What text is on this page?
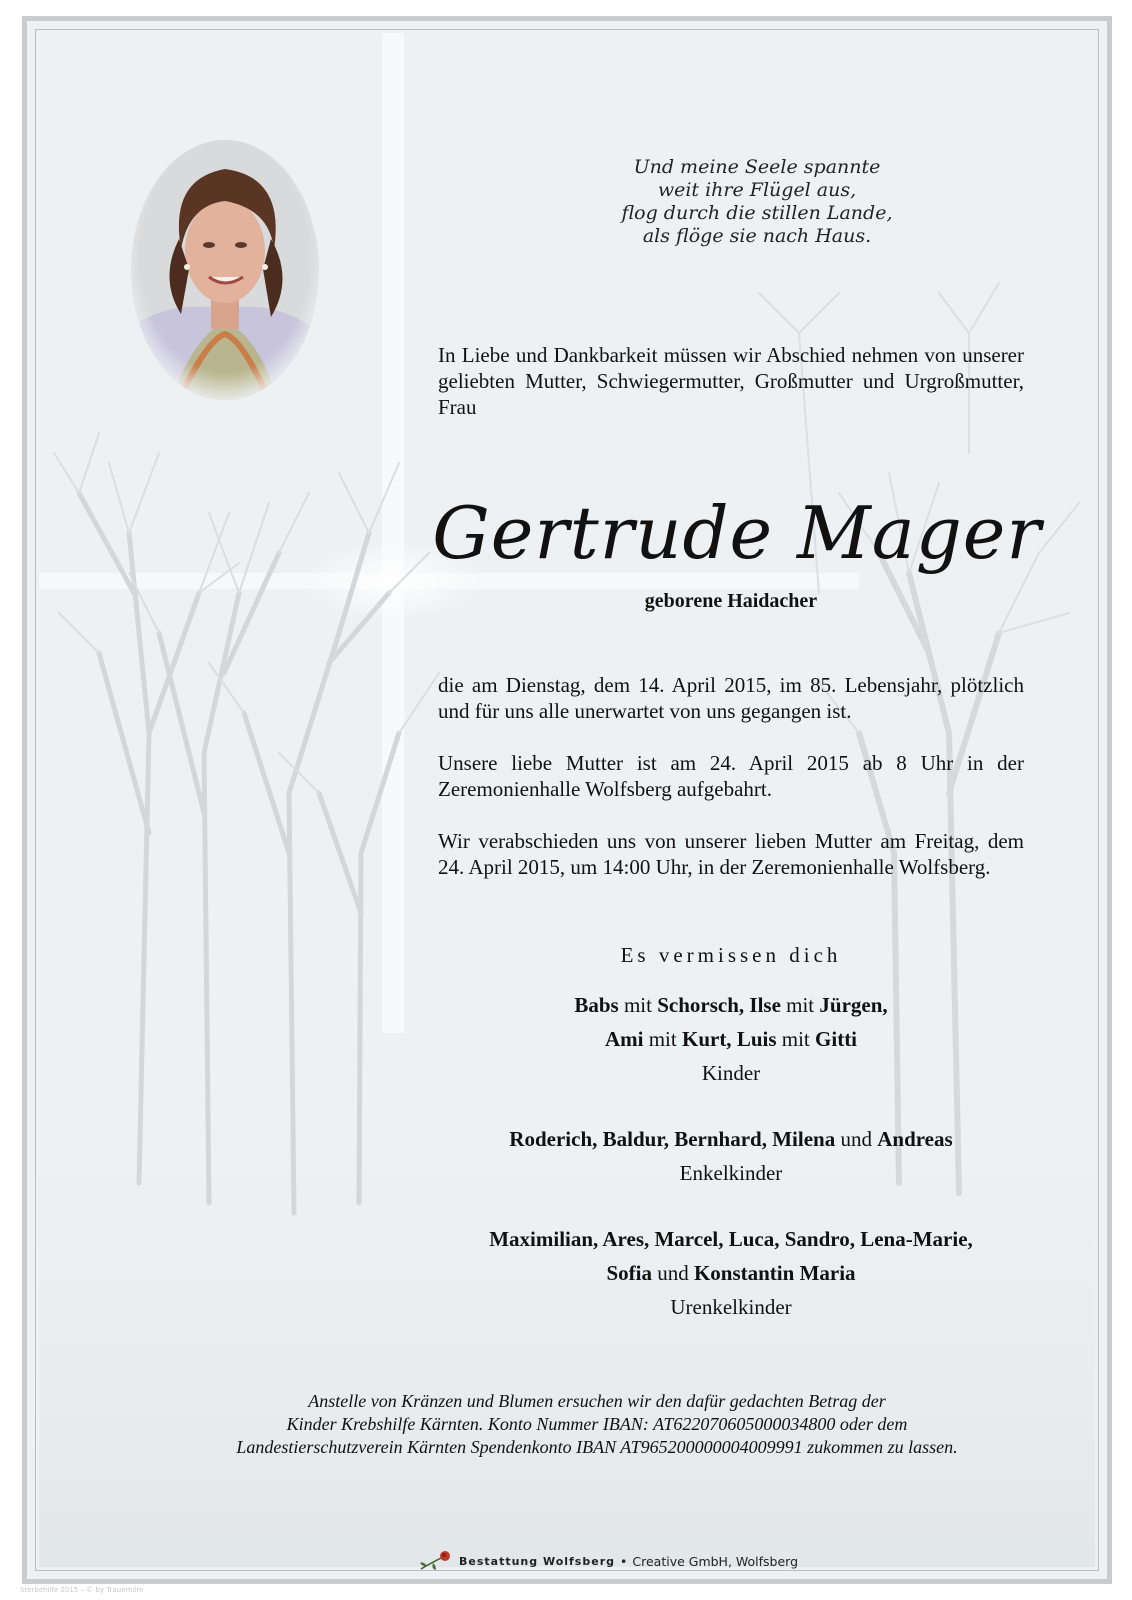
Und meine Seele spannte
weit ihre Flügel aus,
flog durch die stillen Lande,
als flöge sie nach Haus.
In Liebe und Dankbarkeit müssen wir Abschied nehmen von unserer geliebten Mutter, Schwiegermutter, Großmutter und Urgroßmutter, Frau
Gertrude Mager
geborene Haidacher
die am Dienstag, dem 14. April 2015, im 85. Lebensjahr, plötzlich und für uns alle unerwartet von uns gegangen ist.
Unsere liebe Mutter ist am 24. April 2015 ab 8 Uhr in der Zeremonienhalle Wolfsberg aufgebahrt.
Wir verabschieden uns von unserer lieben Mutter am Freitag, dem 24. April 2015, um 14:00 Uhr, in der Zeremonienhalle Wolfsberg.
Es vermissen dich
Babs mit Schorsch, Ilse mit Jürgen,
Ami mit Kurt, Luis mit Gitti
Kinder
Roderich, Baldur, Bernhard, Milena und Andreas
Enkelkinder
Maximilian, Ares, Marcel, Luca, Sandro, Lena-Marie,
Sofia und Konstantin Maria
Urenkelkinder
Anstelle von Kränzen und Blumen ersuchen wir den dafür gedachten Betrag der
Kinder Krebshilfe Kärnten. Konto Nummer IBAN: AT622070605000034800 oder dem
Landestierschutzverein Kärnten Spendenkonto IBAN AT965200000004009991 zukommen zu lassen.
Bestattung Wolfsberg • Creative GmbH, Wolfsberg
Sterbehilfe 2015 – © by Trauerhilfe
